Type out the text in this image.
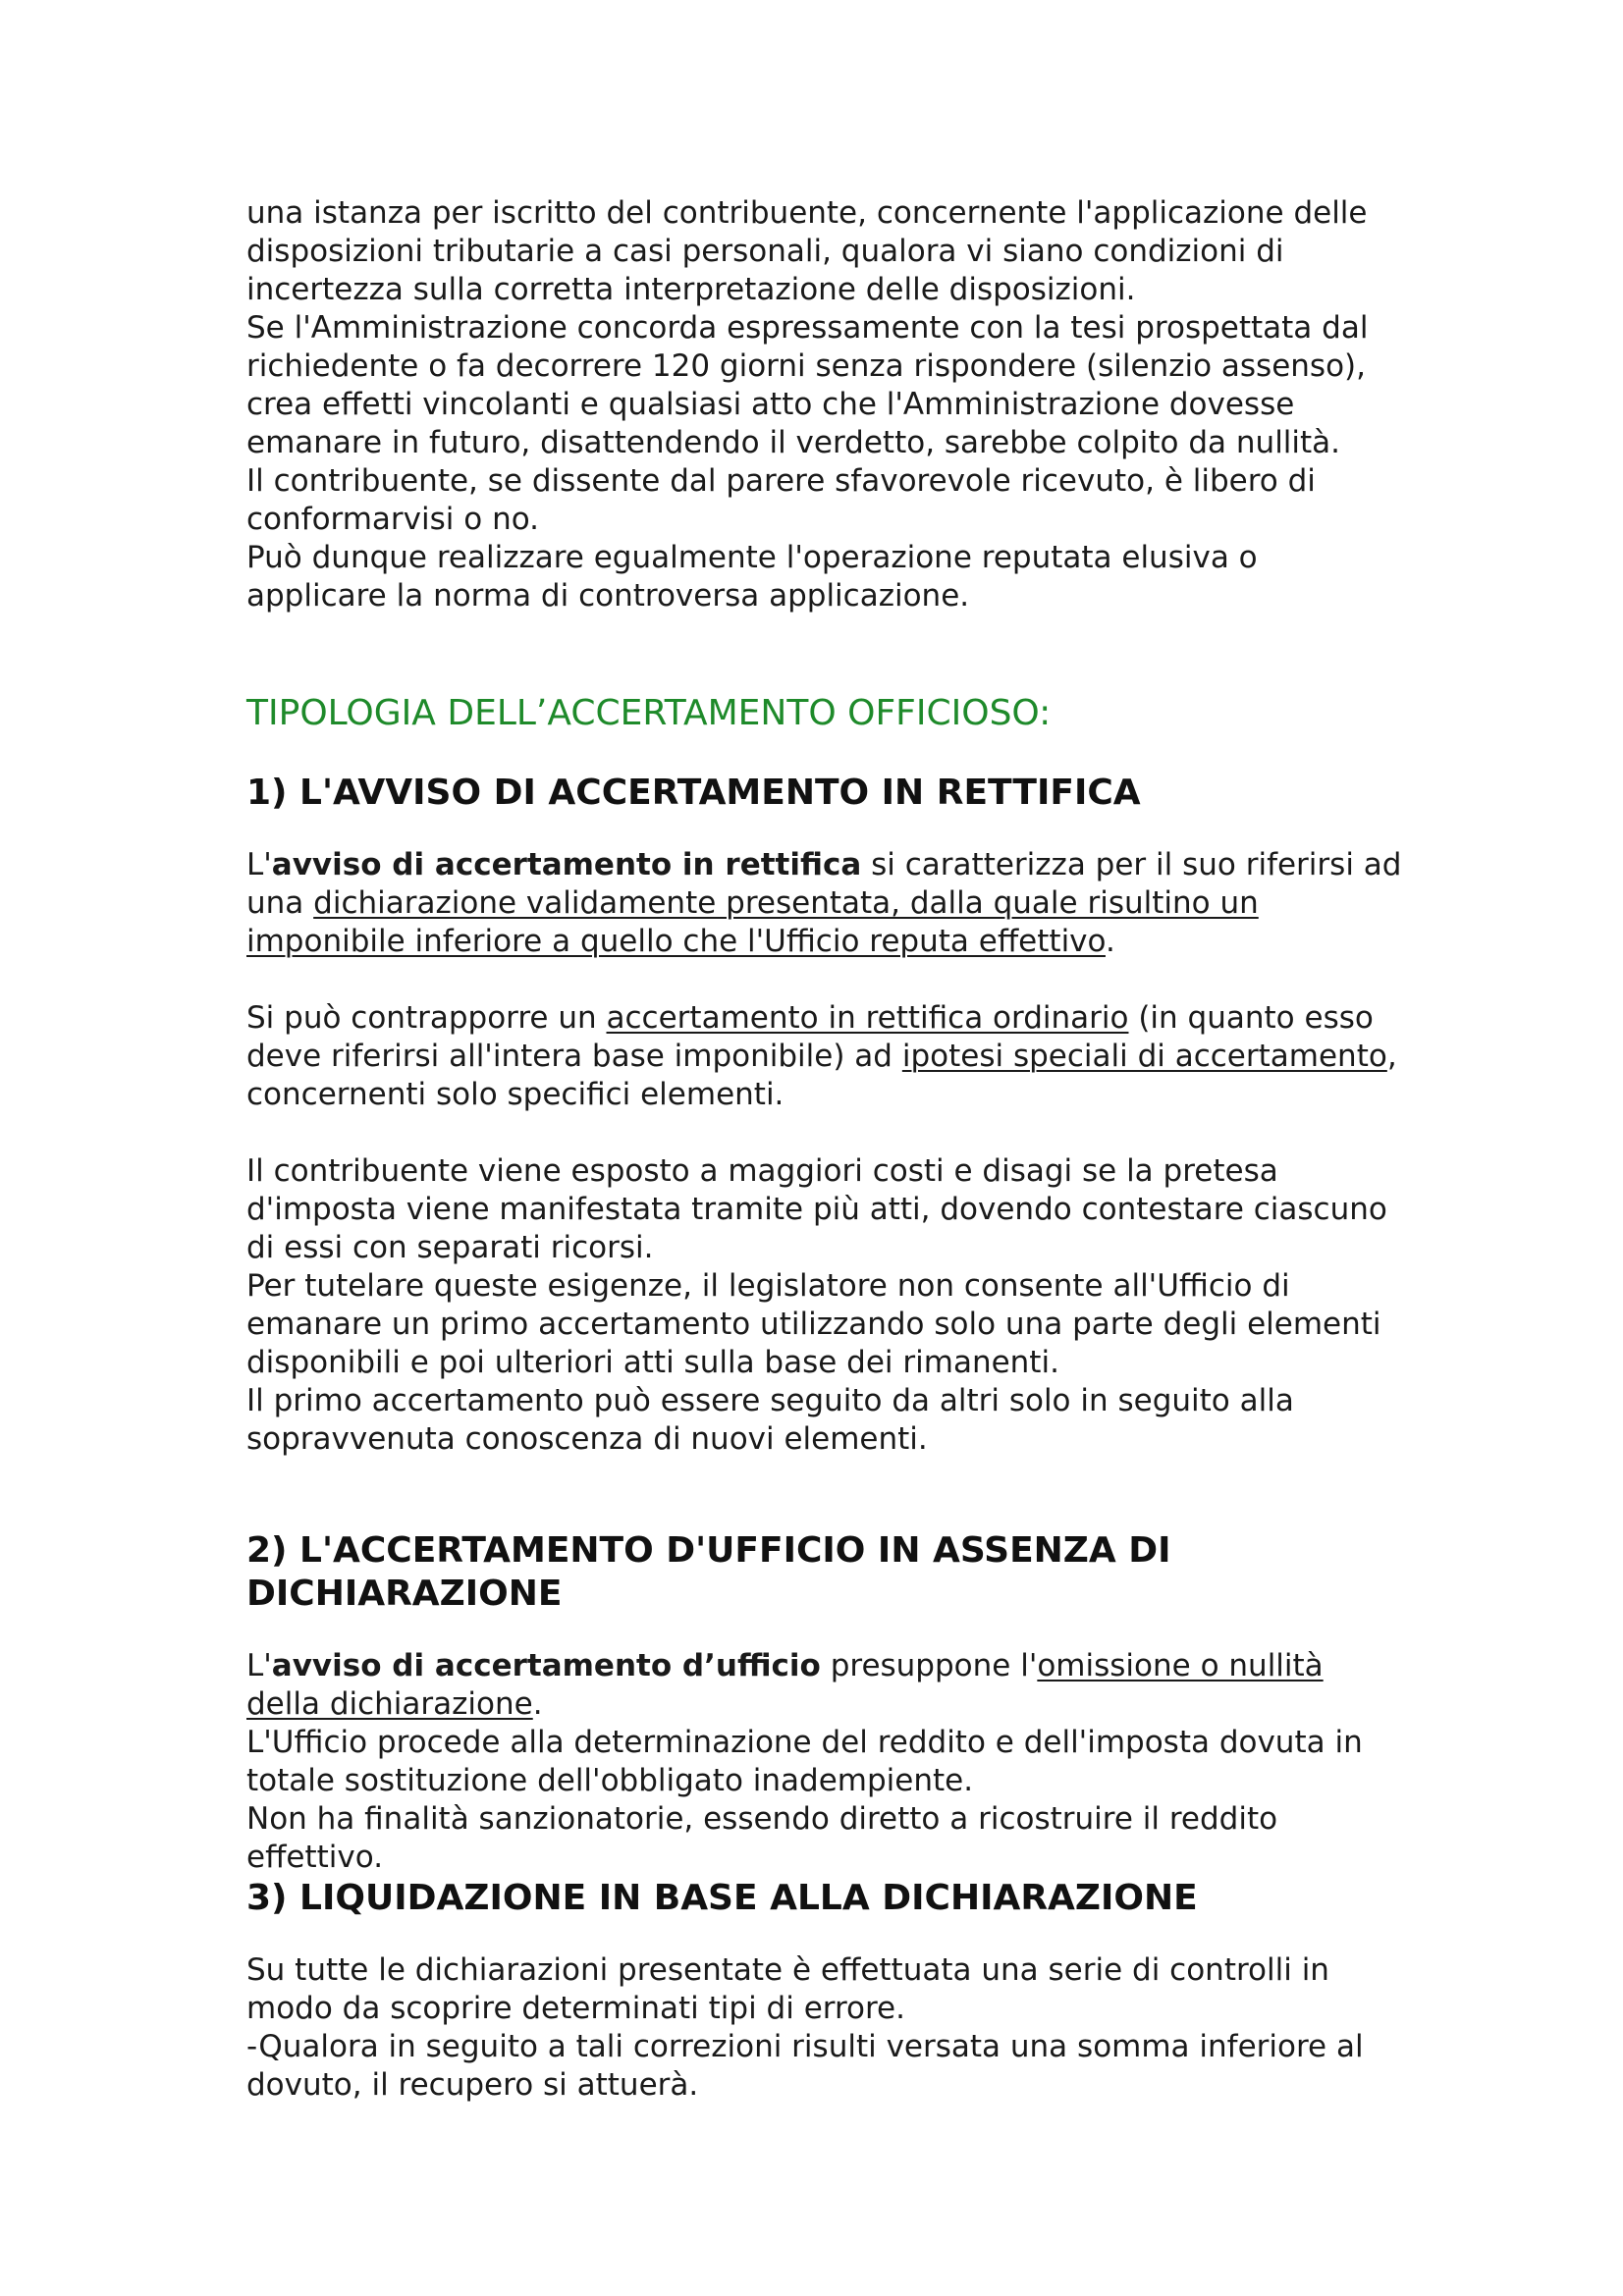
una istanza per iscritto del contribuente, concernente l'applicazione delle disposizioni tributarie a casi personali, qualora vi siano condizioni di incertezza sulla corretta interpretazione delle disposizioni.

Se l'Amministrazione concorda espressamente con la tesi prospettata dal richiedente o fa decorrere 120 giorni senza rispondere (silenzio assenso), crea effetti vincolanti e qualsiasi atto che l'Amministrazione dovesse emanare in futuro, disattendendo il verdetto, sarebbe colpito da nullità.

Il contribuente, se dissente dal parere sfavorevole ricevuto, è libero di conformarvisi o no.

Può dunque realizzare egualmente l'operazione reputata elusiva o applicare la norma di controversa applicazione.

TIPOLOGIA DELL’ACCERTAMENTO OFFICIOSO:

1) L'AVVISO DI ACCERTAMENTO IN RETTIFICA

L'avviso di accertamento in rettifica si caratterizza per il suo riferirsi ad una dichiarazione validamente presentata, dalla quale risultino un imponibile inferiore a quello che l'Ufficio reputa effettivo.

Si può contrapporre un accertamento in rettifica ordinario (in quanto esso deve riferirsi all'intera base imponibile) ad ipotesi speciali di accertamento, concernenti solo specifici elementi.

Il contribuente viene esposto a maggiori costi e disagi se la pretesa d'imposta viene manifestata tramite più atti, dovendo contestare ciascuno di essi con separati ricorsi.

Per tutelare queste esigenze, il legislatore non consente all'Ufficio di emanare un primo accertamento utilizzando solo una parte degli elementi disponibili e poi ulteriori atti sulla base dei rimanenti.

Il primo accertamento può essere seguito da altri solo in seguito alla sopravvenuta conoscenza di nuovi elementi.

2) L'ACCERTAMENTO D'UFFICIO IN ASSENZA DI DICHIARAZIONE

L'avviso di accertamento d’ufficio presuppone l'omissione o nullità della dichiarazione.

L'Ufficio procede alla determinazione del reddito e dell'imposta dovuta in totale sostituzione dell'obbligato inadempiente.

Non ha finalità sanzionatorie, essendo diretto a ricostruire il reddito effettivo.

3) LIQUIDAZIONE IN BASE ALLA DICHIARAZIONE

Su tutte le dichiarazioni presentate è effettuata una serie di controlli in modo da scoprire determinati tipi di errore.

-Qualora in seguito a tali correzioni risulti versata una somma inferiore al dovuto, il recupero si attuerà.
